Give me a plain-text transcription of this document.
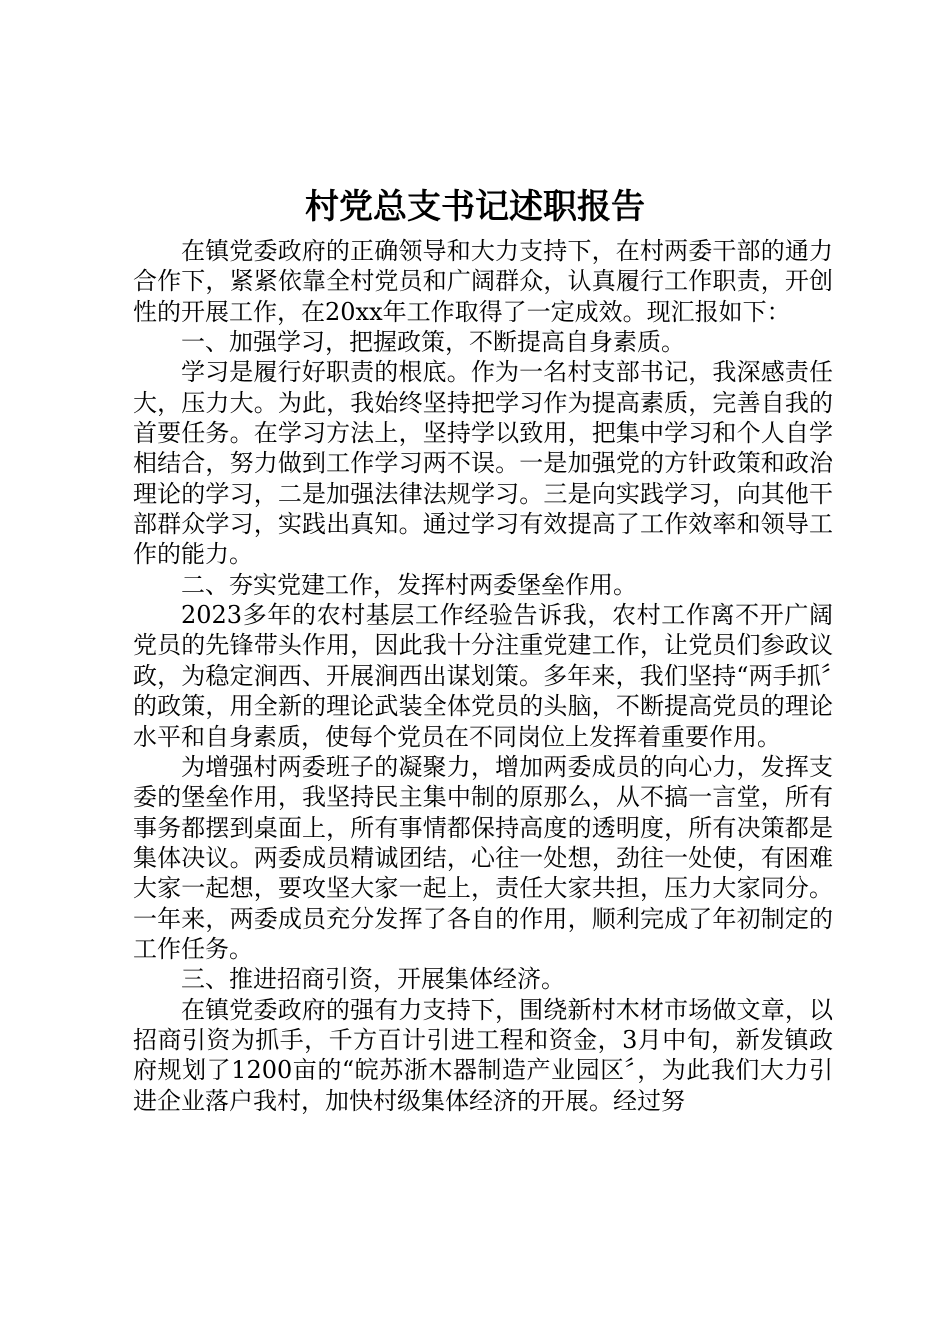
村党总支书记述职报告

在镇党委政府的正确领导和大力支持下，在村两委干部的通力合作下，紧紧依靠全村党员和广阔群众，认真履行工作职责，开创性的开展工作，在20xx年工作取得了一定成效。现汇报如下：

一、加强学习，把握政策，不断提高自身素质。

学习是履行好职责的根底。作为一名村支部书记，我深感责任大，压力大。为此，我始终坚持把学习作为提高素质，完善自我的首要任务。在学习方法上，坚持学以致用，把集中学习和个人自学相结合，努力做到工作学习两不误。一是加强党的方针政策和政治理论的学习，二是加强法律法规学习。三是向实践学习，向其他干部群众学习，实践出真知。通过学习有效提高了工作效率和领导工作的能力。

二、夯实党建工作，发挥村两委堡垒作用。

2023多年的农村基层工作经验告诉我，农村工作离不开广阔党员的先锋带头作用，因此我十分注重党建工作，让党员们参政议政，为稳定涧西、开展涧西出谋划策。多年来，我们坚持“两手抓〞的政策，用全新的理论武装全体党员的头脑，不断提高党员的理论水平和自身素质，使每个党员在不同岗位上发挥着重要作用。

为增强村两委班子的凝聚力，增加两委成员的向心力，发挥支委的堡垒作用，我坚持民主集中制的原那么，从不搞一言堂，所有事务都摆到桌面上，所有事情都保持高度的透明度，所有决策都是集体决议。两委成员精诚团结，心往一处想，劲往一处使，有困难大家一起想，要攻坚大家一起上，责任大家共担，压力大家同分。一年来，两委成员充分发挥了各自的作用，顺利完成了年初制定的工作任务。

三、推进招商引资，开展集体经济。

在镇党委政府的强有力支持下，围绕新村木材市场做文章，以招商引资为抓手，千方百计引进工程和资金，3月中旬，新发镇政府规划了1200亩的“皖苏浙木器制造产业园区〞，为此我们大力引进企业落户我村，加快村级集体经济的开展。经过努
